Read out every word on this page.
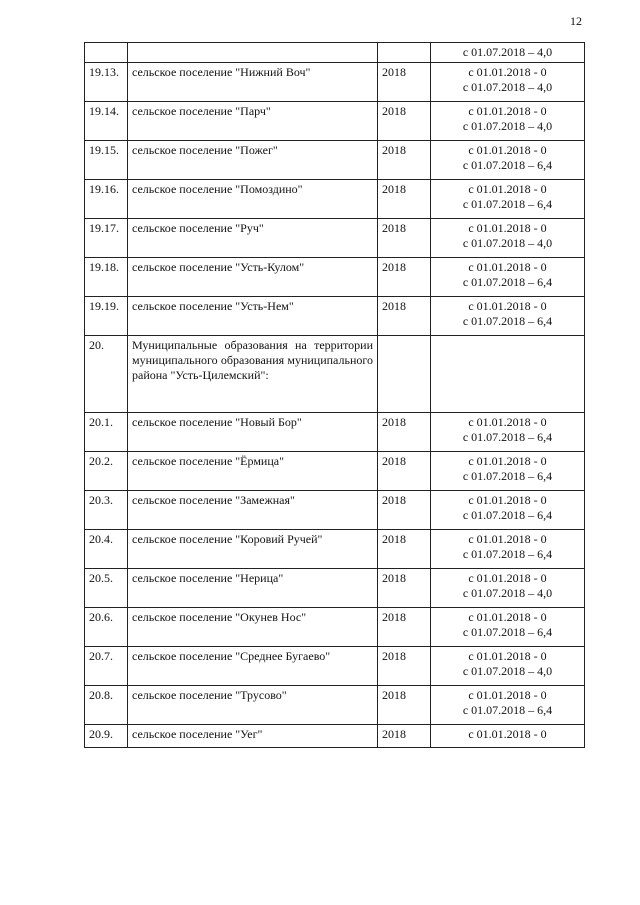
12

			с 01.07.2018 – 4,0

19.13.	сельское поселение "Нижний Воч"	2018	с 01.01.2018 - 0
с 01.07.2018 – 4,0

19.14.	сельское поселение "Парч"	2018	с 01.01.2018 - 0
с 01.07.2018 – 4,0

19.15.	сельское поселение "Пожег"	2018	с 01.01.2018 - 0
с 01.07.2018 – 6,4

19.16.	сельское поселение "Помоздино"	2018	с 01.01.2018 - 0
с 01.07.2018 – 6,4

19.17.	сельское поселение "Руч"	2018	с 01.01.2018 - 0
с 01.07.2018 – 4,0

19.18.	сельское поселение "Усть-Кулом"	2018	с 01.01.2018 - 0
с 01.07.2018 – 6,4

19.19.	сельское поселение "Усть-Нем"	2018	с 01.01.2018 - 0
с 01.07.2018 – 6,4

20.	Муниципальные образования на территории муниципального образования муниципального района "Усть-Цилемский":		
20.1.	сельское поселение "Новый Бор"	2018	с 01.01.2018 - 0
с 01.07.2018 – 6,4

20.2.	сельское поселение "Ёрмица"	2018	с 01.01.2018 - 0
с 01.07.2018 – 6,4

20.3.	сельское поселение "Замежная"	2018	с 01.01.2018 - 0
с 01.07.2018 – 6,4

20.4.	сельское поселение "Коровий Ручей"	2018	с 01.01.2018 - 0
с 01.07.2018 – 6,4

20.5.	сельское поселение "Нерица"	2018	с 01.01.2018 - 0
с 01.07.2018 – 4,0

20.6.	сельское поселение "Окунев Нос"	2018	с 01.01.2018 - 0
с 01.07.2018 – 6,4

20.7.	сельское поселение "Среднее Бугаево"	2018	с 01.01.2018 - 0
с 01.07.2018 – 4,0

20.8.	сельское поселение "Трусово"	2018	с 01.01.2018 - 0
с 01.07.2018 – 6,4

20.9.	сельское поселение "Уег"	2018	с 01.01.2018 - 0
